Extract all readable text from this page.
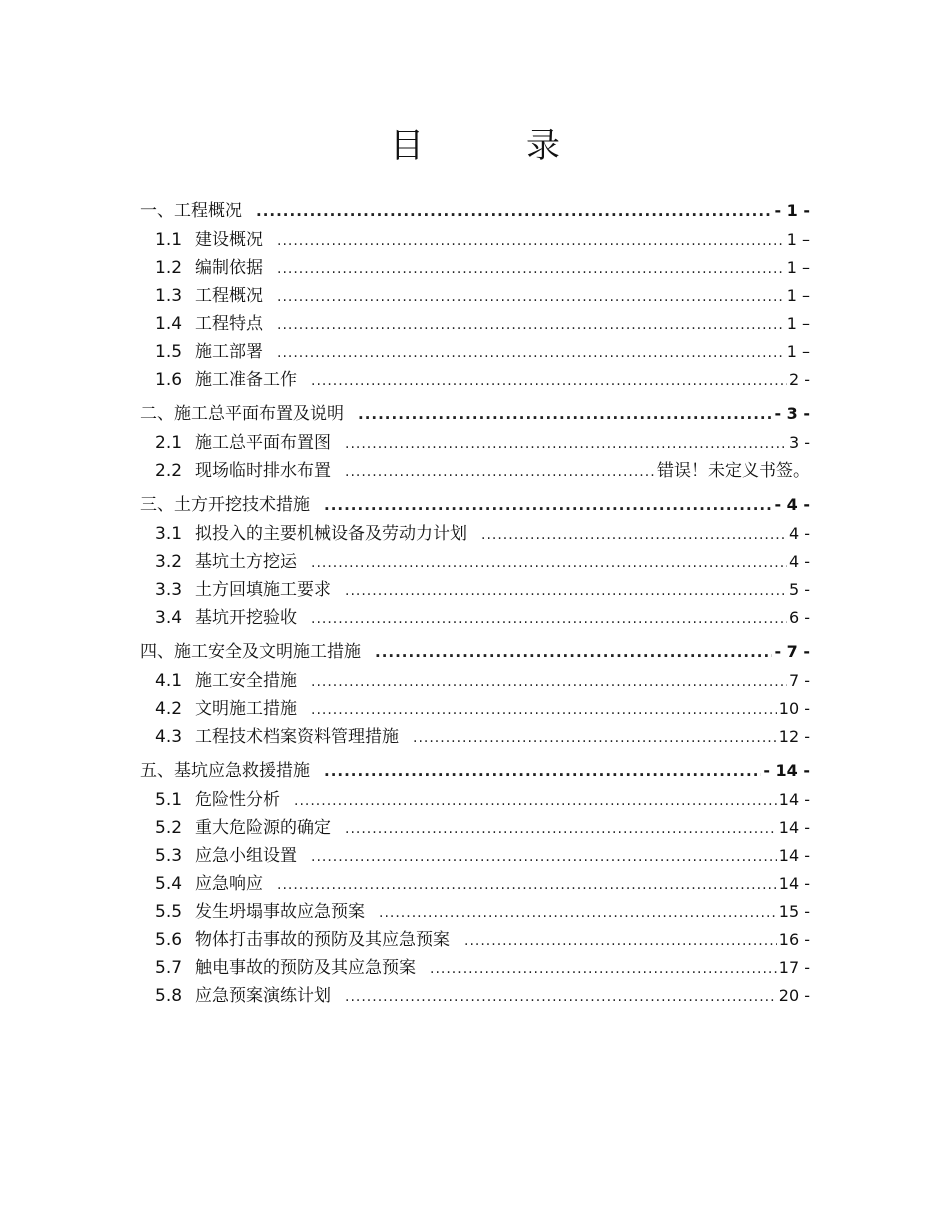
目　录
一、工程概况 .....	- 1 -
1.1 建设概况 .....	1 –
1.2 编制依据 .....	1 –
1.3 工程概况 .....	1 –
1.4 工程特点 .....	1 –
1.5 施工部署 .....	1 –
1.6 施工准备工作 .....	2 -
二、施工总平面布置及说明 .....	- 3 -
2.1 施工总平面布置图 .....	3 -
2.2 现场临时排水布置 .....	错误！未定义书签。
三、土方开挖技术措施 .....	- 4 -
3.1 拟投入的主要机械设备及劳动力计划 .....	4 -
3.2 基坑土方挖运 .....	4 -
3.3 土方回填施工要求 .....	5 -
3.4 基坑开挖验收 .....	6 -
四、施工安全及文明施工措施 .....	- 7 -
4.1 施工安全措施 .....	7 -
4.2 文明施工措施 .....	10 -
4.3 工程技术档案资料管理措施 .....	12 -
五、基坑应急救援措施 .....	- 14 -
5.1 危险性分析 .....	14 -
5.2 重大危险源的确定 .....	14 -
5.3 应急小组设置 .....	14 -
5.4 应急响应 .....	14 -
5.5 发生坍塌事故应急预案 .....	15 -
5.6 物体打击事故的预防及其应急预案 .....	16 -
5.7 触电事故的预防及其应急预案 .....	17 -
5.8 应急预案演练计划 .....	20 -
